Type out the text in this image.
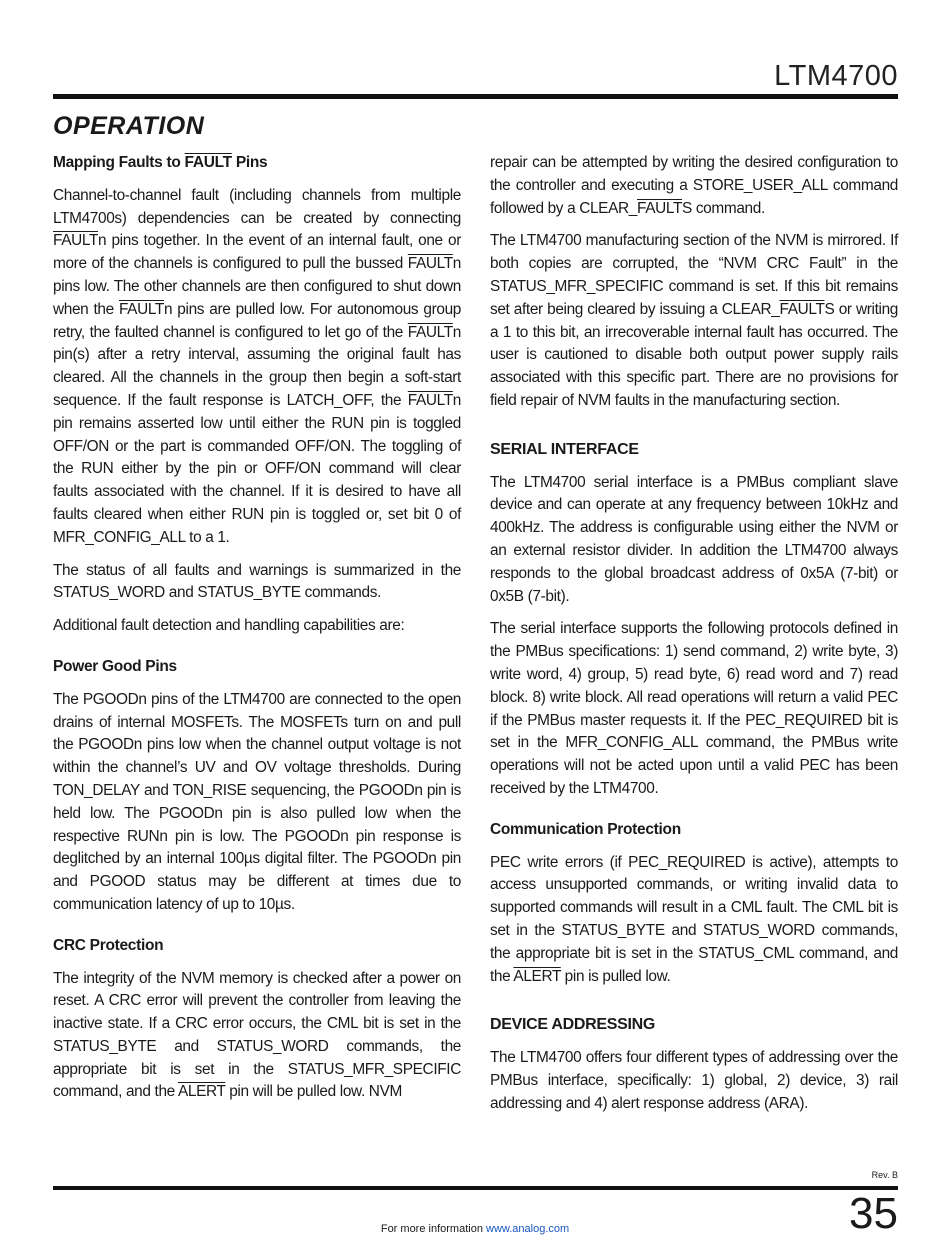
LTM4700
OPERATION
Mapping Faults to FAULT Pins

Channel-to-channel fault (including channels from multiple LTM4700s) dependencies can be created by connecting FAULTn pins together. In the event of an internal fault, one or more of the channels is configured to pull the bussed FAULTn pins low. The other channels are then configured to shut down when the FAULTn pins are pulled low. For autonomous group retry, the faulted channel is configured to let go of the FAULTn pin(s) after a retry interval, assuming the original fault has cleared. All the channels in the group then begin a soft-start sequence. If the fault response is LATCH_OFF, the FAULTn pin remains asserted low until either the RUN pin is toggled OFF/ON or the part is commanded OFF/ON. The toggling of the RUN either by the pin or OFF/ON command will clear faults associated with the channel. If it is desired to have all faults cleared when either RUN pin is toggled or, set bit 0 of MFR_CONFIG_ALL to a 1.

The status of all faults and warnings is summarized in the STATUS_WORD and STATUS_BYTE commands.

Additional fault detection and handling capabilities are:

Power Good Pins

The PGOODn pins of the LTM4700 are connected to the open drains of internal MOSFETs. The MOSFETs turn on and pull the PGOODn pins low when the channel output voltage is not within the channel’s UV and OV voltage thresholds. During TON_DELAY and TON_RISE sequencing, the PGOODn pin is held low. The PGOODn pin is also pulled low when the respective RUNn pin is low. The PGOODn pin response is deglitched by an internal 100µs digital filter. The PGOODn pin and PGOOD status may be different at times due to communication latency of up to 10µs.

CRC Protection

The integrity of the NVM memory is checked after a power on reset. A CRC error will prevent the controller from leaving the inactive state. If a CRC error occurs, the CML bit is set in the STATUS_BYTE and STATUS_WORD commands, the appropriate bit is set in the STATUS_MFR_SPECIFIC command, and the ALERT pin will be pulled low. NVM

repair can be attempted by writing the desired configuration to the controller and executing a STORE_USER_ALL command followed by a CLEAR_FAULTS command.

The LTM4700 manufacturing section of the NVM is mirrored. If both copies are corrupted, the “NVM CRC Fault” in the STATUS_MFR_SPECIFIC command is set. If this bit remains set after being cleared by issuing a CLEAR_FAULTS or writing a 1 to this bit, an irrecoverable internal fault has occurred. The user is cautioned to disable both output power supply rails associated with this specific part. There are no provisions for field repair of NVM faults in the manufacturing section.

SERIAL INTERFACE

The LTM4700 serial interface is a PMBus compliant slave device and can operate at any frequency between 10kHz and 400kHz. The address is configurable using either the NVM or an external resistor divider. In addition the LTM4700 always responds to the global broadcast address of 0x5A (7-bit) or 0x5B (7-bit).

The serial interface supports the following protocols defined in the PMBus specifications: 1) send command, 2) write byte, 3) write word, 4) group, 5) read byte, 6) read word and 7) read block. 8) write block. All read operations will return a valid PEC if the PMBus master requests it. If the PEC_REQUIRED bit is set in the MFR_CONFIG_ALL command, the PMBus write operations will not be acted upon until a valid PEC has been received by the LTM4700.

Communication Protection

PEC write errors (if PEC_REQUIRED is active), attempts to access unsupported commands, or writing invalid data to supported commands will result in a CML fault. The CML bit is set in the STATUS_BYTE and STATUS_WORD commands, the appropriate bit is set in the STATUS_CML command, and the ALERT pin is pulled low.

DEVICE ADDRESSING

The LTM4700 offers four different types of addressing over the PMBus interface, specifically: 1) global, 2) device, 3) rail addressing and 4) alert response address (ARA).

Rev. B
35
For more information www.analog.com
